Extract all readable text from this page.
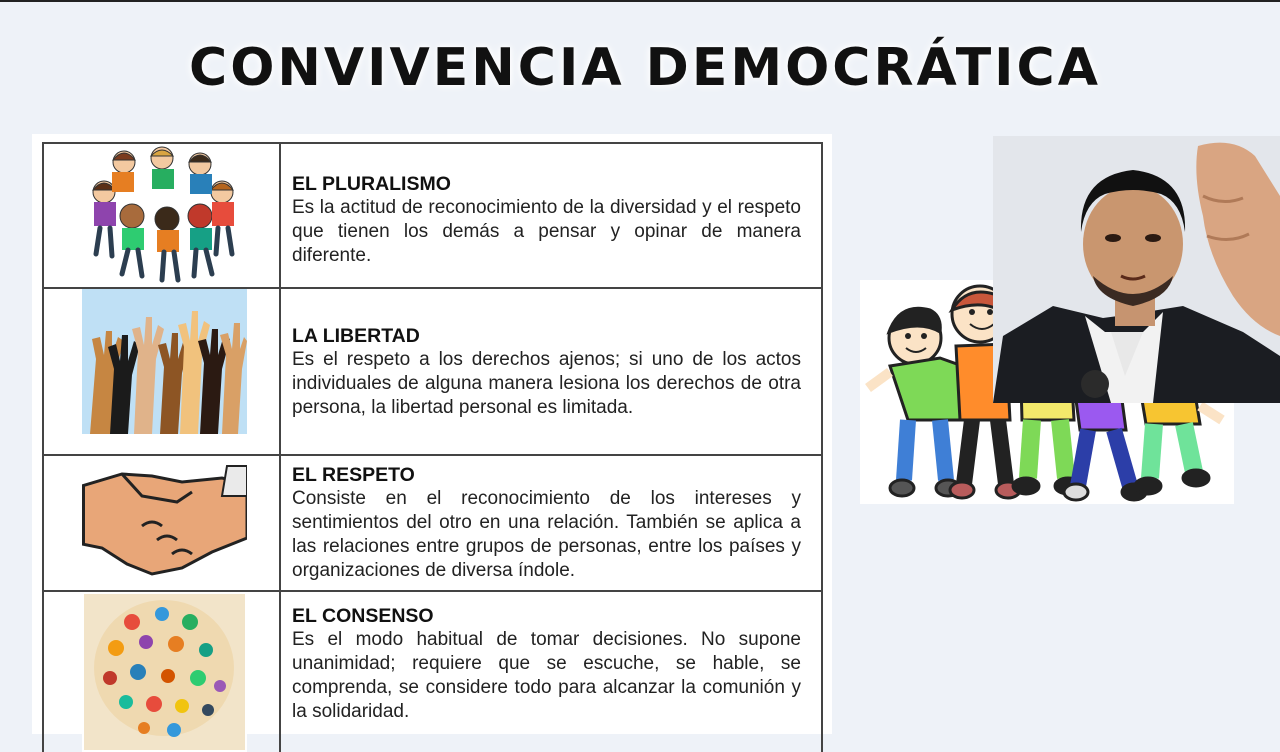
CONVIVENCIA DEMOCRÁTICA
EL PLURALISMO
Es la actitud de reconocimiento de la diversidad y el respeto que tienen los demás a pensar y opinar de manera diferente.
LA LIBERTAD
Es el respeto a los derechos ajenos; si uno de los actos individuales de alguna manera lesiona los derechos de otra persona, la libertad personal es limitada.
EL RESPETO
Consiste en el reconocimiento de los intereses y sentimientos del otro en una relación. También se aplica a las relaciones entre grupos de personas, entre los países y organizaciones de diversa índole.
EL CONSENSO
Es el modo habitual de tomar decisiones. No supone unanimidad; requiere que se escuche, se hable, se comprenda, se considere todo para alcanzar la comunión y la solidaridad.
